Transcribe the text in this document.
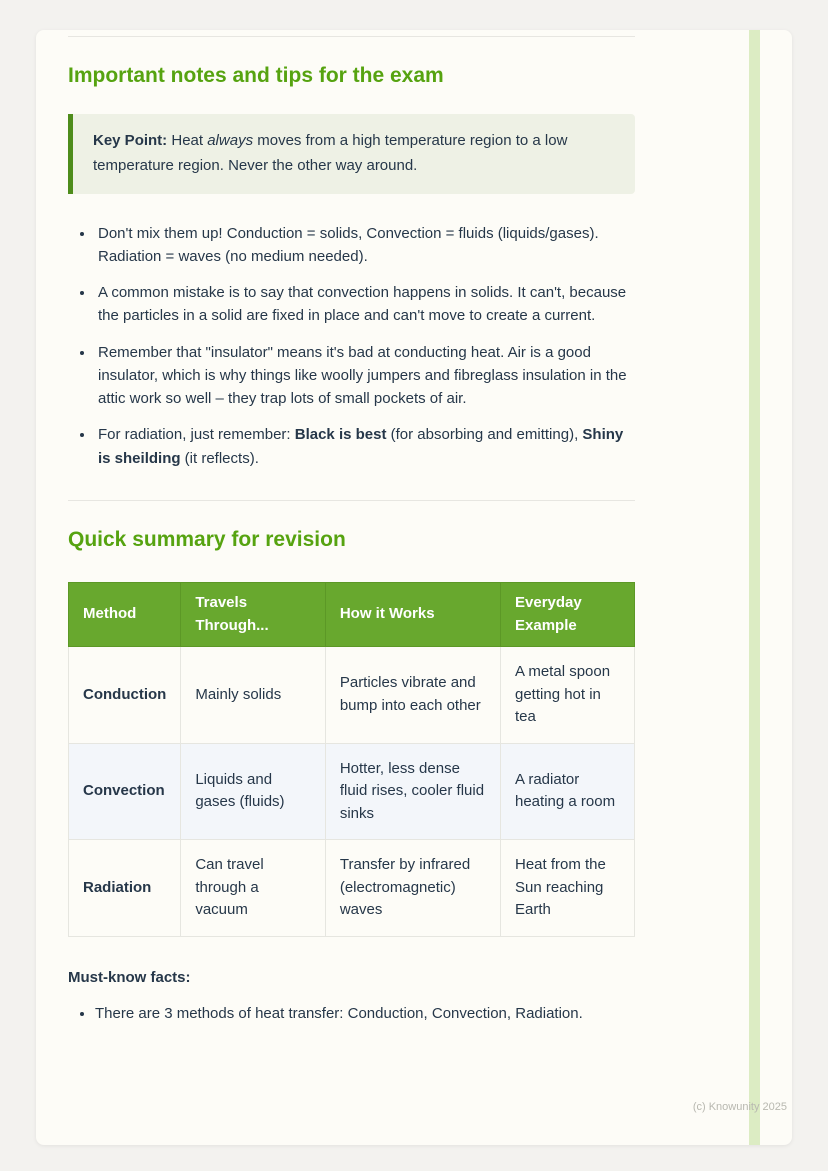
Important notes and tips for the exam

Key Point: Heat always moves from a high temperature region to a low temperature region. Never the other way around.

• Don't mix them up! Conduction = solids, Convection = fluids (liquids/gases). Radiation = waves (no medium needed).
• A common mistake is to say that convection happens in solids. It can't, because the particles in a solid are fixed in place and can't move to create a current.
• Remember that "insulator" means it's bad at conducting heat. Air is a good insulator, which is why things like woolly jumpers and fibreglass insulation in the attic work so well – they trap lots of small pockets of air.
• For radiation, just remember: Black is best (for absorbing and emitting), Shiny is sheilding (it reflects).
Quick summary for revision
Method	Travels Through...	How it Works	Everyday Example
Conduction	Mainly solids	Particles vibrate and bump into each other	A metal spoon getting hot in tea
Convection	Liquids and gases (fluids)	Hotter, less dense fluid rises, cooler fluid sinks	A radiator heating a room
Radiation	Can travel through a vacuum	Transfer by infrared (electromagnetic) waves	Heat from the Sun reaching Earth

Must-know facts:

• There are 3 methods of heat transfer: Conduction, Convection, Radiation.
(c) Knowunity 2025
